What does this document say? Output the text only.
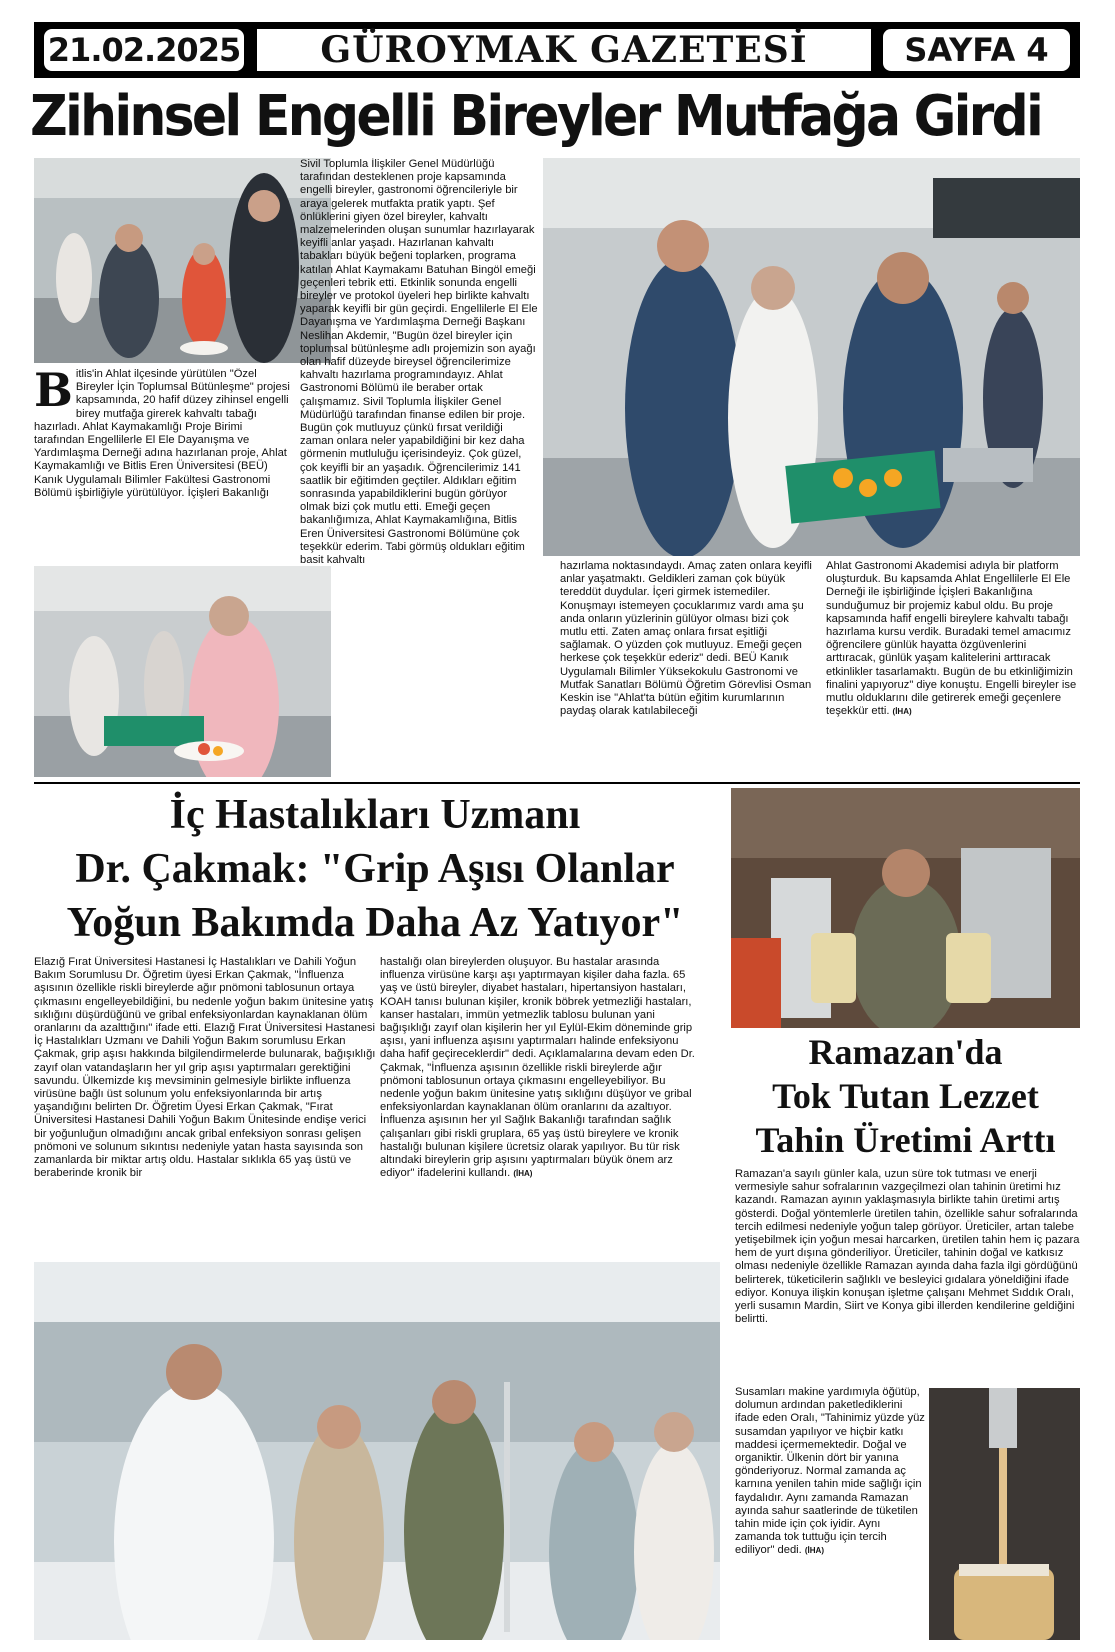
21.02.2025	GÜROYMAK GAZETESİ	SAYFA 4
Zihinsel Engelli Bireyler Mutfağa Girdi
Bitlis'in Ahlat ilçesinde yürütülen "Özel Bireyler İçin Toplumsal Bütünleşme" projesi kapsamında, 20 hafif düzey zihinsel engelli birey mutfağa girerek kahvaltı tabağı hazırladı. Ahlat Kaymakamlığı Proje Birimi tarafından Engellilerle El Ele Dayanışma ve Yardımlaşma Derneği adına hazırlanan proje, Ahlat Kaymakamlığı ve Bitlis Eren Üniversitesi (BEÜ) Kanık Uygulamalı Bilimler Fakültesi Gastronomi Bölümü işbirliğiyle yürütülüyor. İçişleri Bakanlığı
Sivil Toplumla İlişkiler Genel Müdürlüğü tarafından desteklenen proje kapsamında engelli bireyler, gastronomi öğrencileriyle bir araya gelerek mutfakta pratik yaptı. Şef önlüklerini giyen özel bireyler, kahvaltı malzemelerinden oluşan sunumlar hazırlayarak keyifli anlar yaşadı. Hazırlanan kahvaltı tabakları büyük beğeni toplarken, programa katılan Ahlat Kaymakamı Batuhan Bingöl emeği geçenleri tebrik etti. Etkinlik sonunda engelli bireyler ve protokol üyeleri hep birlikte kahvaltı yaparak keyifli bir gün geçirdi. Engellilerle El Ele Dayanışma ve Yardımlaşma Derneği Başkanı Neslihan Akdemir, "Bugün özel bireyler için toplumsal bütünleşme adlı projemizin son ayağı olan hafif düzeyde bireysel öğrencilerimize kahvaltı hazırlama programındayız. Ahlat Gastronomi Bölümü ile beraber ortak çalışmamız. Sivil Toplumla İlişkiler Genel Müdürlüğü tarafından finanse edilen bir proje. Bugün çok mutluyuz çünkü fırsat verildiği zaman onlara neler yapabildiğini bir kez daha görmenin mutluluğu içerisindeyiz. Çok güzel, çok keyifli bir an yaşadık. Öğrencilerimiz 141 saatlik bir eğitimden geçtiler. Aldıkları eğitim sonrasında yapabildiklerini bugün görüyor olmak bizi çok mutlu etti. Emeği geçen bakanlığımıza, Ahlat Kaymakamlığına, Bitlis Eren Üniversitesi Gastronomi Bölümüne çok teşekkür ederim. Tabi görmüş oldukları eğitim basit kahvaltı	hazırlama noktasındaydı. Amaç zaten onlara keyifli anlar yaşatmaktı. Geldikleri zaman çok büyük tereddüt duydular. İçeri girmek istemediler. Konuşmayı istemeyen çocuklarımız vardı ama şu anda onların yüzlerinin gülüyor olması bizi çok mutlu etti. Zaten amaç onlara fırsat eşitliği sağlamak. O yüzden çok mutluyuz. Emeği geçen herkese çok teşekkür ederiz" dedi. BEÜ Kanık Uygulamalı Bilimler Yüksekokulu Gastronomi ve Mutfak Sanatları Bölümü Öğretim Görevlisi Osman Keskin ise "Ahlat'ta bütün eğitim kurumlarının paydaş olarak katılabileceği
Ahlat Gastronomi Akademisi adıyla bir platform oluşturduk. Bu kapsamda Ahlat Engellilerle El Ele Derneği ile işbirliğinde İçişleri Bakanlığına sunduğumuz bir projemiz kabul oldu. Bu proje kapsamında hafif engelli bireylere kahvaltı tabağı hazırlama kursu verdik. Buradaki temel amacımız öğrencilere günlük hayatta özgüvenlerini arttıracak, günlük yaşam kalitelerini arttıracak etkinlikler tasarlamaktı. Bugün de bu etkinliğimizin finalini yapıyoruz" diye konuştu. Engelli bireyler ise mutlu olduklarını dile getirerek emeği geçenlere teşekkür etti. (İHA)
İç Hastalıkları Uzmanı
Dr. Çakmak: "Grip Aşısı Olanlar
Yoğun Bakımda Daha Az Yatıyor"
Elazığ Fırat Üniversitesi Hastanesi İç Hastalıkları ve Dahili Yoğun Bakım Sorumlusu Dr. Öğretim üyesi Erkan Çakmak, "İnfluenza aşısının özellikle riskli bireylerde ağır pnömoni tablosunun ortaya çıkmasını engelleyebildiğini, bu nedenle yoğun bakım ünitesine yatış sıklığını düşürdüğünü ve gribal enfeksiyonlardan kaynaklanan ölüm oranlarını da azalttığını" ifade etti. Elazığ Fırat Üniversitesi Hastanesi İç Hastalıkları Uzmanı ve Dahili Yoğun Bakım sorumlusu Erkan Çakmak, grip aşısı hakkında bilgilendirmelerde bulunarak, bağışıklığı zayıf olan vatandaşların her yıl grip aşısı yaptırmaları gerektiğini savundu. Ülkemizde kış mevsiminin gelmesiyle birlikte influenza virüsüne bağlı üst solunum yolu enfeksiyonlarında bir artış yaşandığını belirten Dr. Öğretim Üyesi Erkan Çakmak, "Fırat Üniversitesi Hastanesi Dahili Yoğun Bakım Ünitesinde endişe verici bir yoğunluğun olmadığını ancak gribal enfeksiyon sonrası gelişen pnömoni ve solunum sıkıntısı nedeniyle yatan hasta sayısında son zamanlarda bir miktar artış oldu. Hastalar sıklıkla 65 yaş üstü ve beraberinde kronik bir
hastalığı olan bireylerden oluşuyor. Bu hastalar arasında influenza virüsüne karşı aşı yaptırmayan kişiler daha fazla. 65 yaş ve üstü bireyler, diyabet hastaları, hipertansiyon hastaları, KOAH tanısı bulunan kişiler, kronik böbrek yetmezliği hastaları, kanser hastaları, immün yetmezlik tablosu bulunan yani bağışıklığı zayıf olan kişilerin her yıl Eylül-Ekim döneminde grip aşısı, yani influenza aşısını yaptırmaları halinde enfeksiyonu daha hafif geçireceklerdir" dedi. Açıklamalarına devam eden Dr. Çakmak, "İnfluenza aşısının özellikle riskli bireylerde ağır pnömoni tablosunun ortaya çıkmasını engelleyebiliyor. Bu nedenle yoğun bakım ünitesine yatış sıklığını düşüyor ve gribal enfeksiyonlardan kaynaklanan ölüm oranlarını da azaltıyor. İnfluenza aşısının her yıl Sağlık Bakanlığı tarafından sağlık çalışanları gibi riskli gruplara, 65 yaş üstü bireylere ve kronik hastalığı bulunan kişilere ücretsiz olarak yapılıyor. Bu tür risk altındaki bireylerin grip aşısını yaptırmaları büyük önem arz ediyor" ifadelerini kullandı. (İHA)
Ramazan'da
Tok Tutan Lezzet
Tahin Üretimi Arttı
Ramazan'a sayılı günler kala, uzun süre tok tutması ve enerji vermesiyle sahur sofralarının vazgeçilmezi olan tahinin üretimi hız kazandı. Ramazan ayının yaklaşmasıyla birlikte tahin üretimi artış gösterdi. Doğal yöntemlerle üretilen tahin, özellikle sahur sofralarında tercih edilmesi nedeniyle yoğun talep görüyor. Üreticiler, artan talebe yetişebilmek için yoğun mesai harcarken, üretilen tahin hem iç pazara hem de yurt dışına gönderiliyor. Üreticiler, tahinin doğal ve katkısız olması nedeniyle özellikle Ramazan ayında daha fazla ilgi gördüğünü belirterek, tüketicilerin sağlıklı ve besleyici gıdalara yöneldiğini ifade ediyor. Konuya ilişkin konuşan işletme çalışanı Mehmet Sıddık Oralı, yerli susamın Mardin, Siirt ve Konya gibi illerden kendilerine geldiğini belirtti.
Susamları makine yardımıyla öğütüp, dolumun ardından paketlediklerini ifade eden Oralı, "Tahinimiz yüzde yüz susamdan yapılıyor ve hiçbir katkı maddesi içermemektedir. Doğal ve organiktir. Ülkenin dört bir yanına gönderiyoruz. Normal zamanda aç karnına yenilen tahin mide sağlığı için faydalıdır. Aynı zamanda Ramazan ayında sahur saatlerinde de tüketilen tahin mide için çok iyidir. Aynı zamanda tok tuttuğu için tercih ediliyor" dedi. (İHA)
